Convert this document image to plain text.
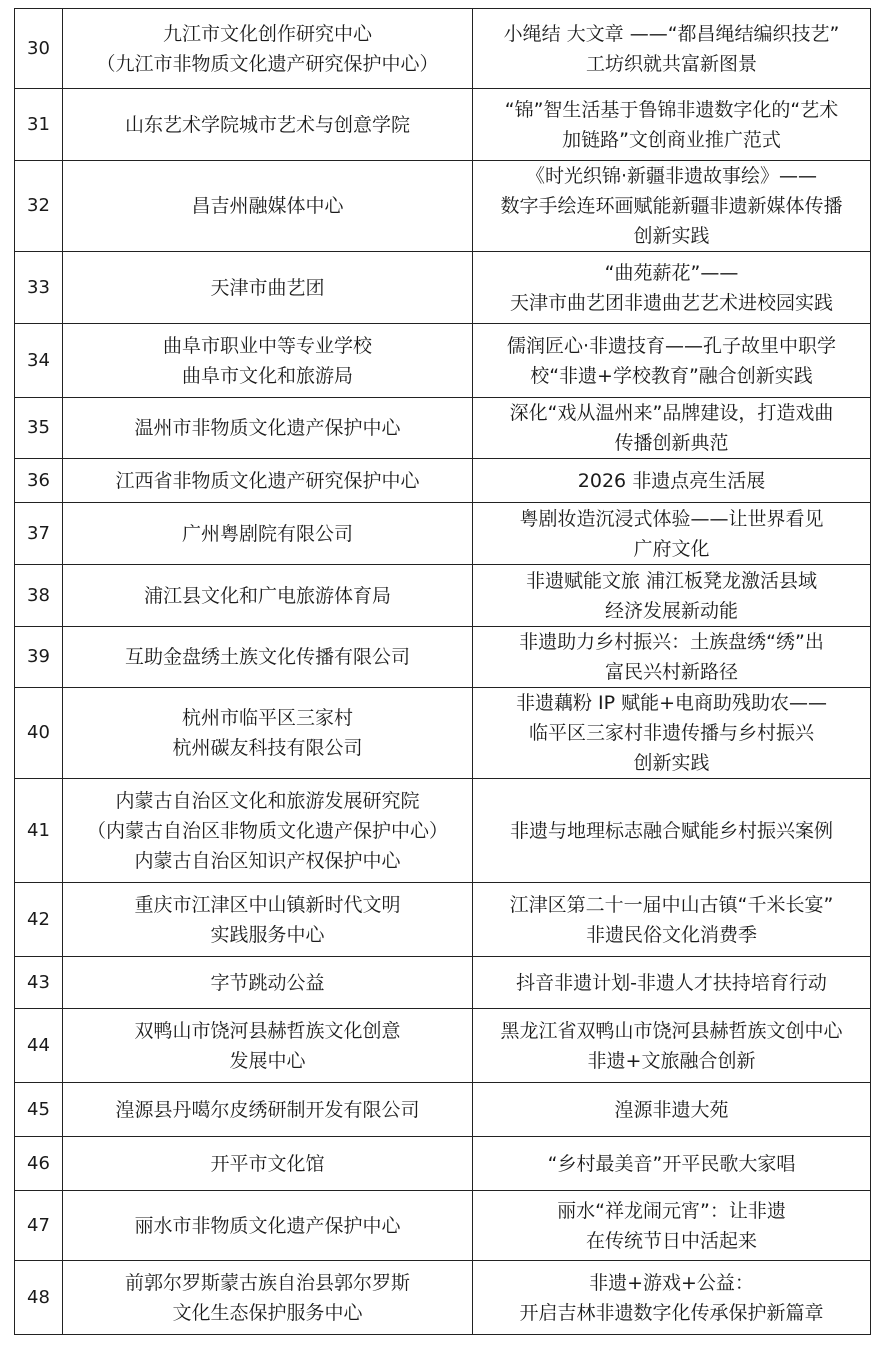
30	九江市文化创作研究中心
（九江市非物质文化遗产研究保护中心）	小绳结 大文章 ——“都昌绳结编织技艺”
工坊织就共富新图景
31	山东艺术学院城市艺术与创意学院	“锦”智生活基于鲁锦非遗数字化的“艺术
加链路”文创商业推广范式
32	昌吉州融媒体中心	《时光织锦·新疆非遗故事绘》——
数字手绘连环画赋能新疆非遗新媒体传播
创新实践
33	天津市曲艺团	“曲苑薪花”——
天津市曲艺团非遗曲艺艺术进校园实践
34	曲阜市职业中等专业学校
曲阜市文化和旅游局	儒润匠心·非遗技育——孔子故里中职学
校“非遗+学校教育”融合创新实践
35	温州市非物质文化遗产保护中心	深化“戏从温州来”品牌建设，打造戏曲
传播创新典范
36	江西省非物质文化遗产研究保护中心	2026 非遗点亮生活展
37	广州粤剧院有限公司	粤剧妆造沉浸式体验——让世界看见
广府文化
38	浦江县文化和广电旅游体育局	非遗赋能文旅 浦江板凳龙激活县域
经济发展新动能
39	互助金盘绣土族文化传播有限公司	非遗助力乡村振兴：土族盘绣“绣”出
富民兴村新路径
40	杭州市临平区三家村
杭州碳友科技有限公司	非遗藕粉 IP 赋能+电商助残助农——
临平区三家村非遗传播与乡村振兴
创新实践
41	内蒙古自治区文化和旅游发展研究院
（内蒙古自治区非物质文化遗产保护中心）
内蒙古自治区知识产权保护中心	非遗与地理标志融合赋能乡村振兴案例
42	重庆市江津区中山镇新时代文明
实践服务中心	江津区第二十一届中山古镇“千米长宴”
非遗民俗文化消费季
43	字节跳动公益	抖音非遗计划-非遗人才扶持培育行动
44	双鸭山市饶河县赫哲族文化创意
发展中心	黑龙江省双鸭山市饶河县赫哲族文创中心
非遗+文旅融合创新
45	湟源县丹噶尔皮绣研制开发有限公司	湟源非遗大苑
46	开平市文化馆	“乡村最美音”开平民歌大家唱
47	丽水市非物质文化遗产保护中心	丽水“祥龙闹元宵”：让非遗
在传统节日中活起来
48	前郭尔罗斯蒙古族自治县郭尔罗斯
文化生态保护服务中心	非遗+游戏+公益：
开启吉林非遗数字化传承保护新篇章
